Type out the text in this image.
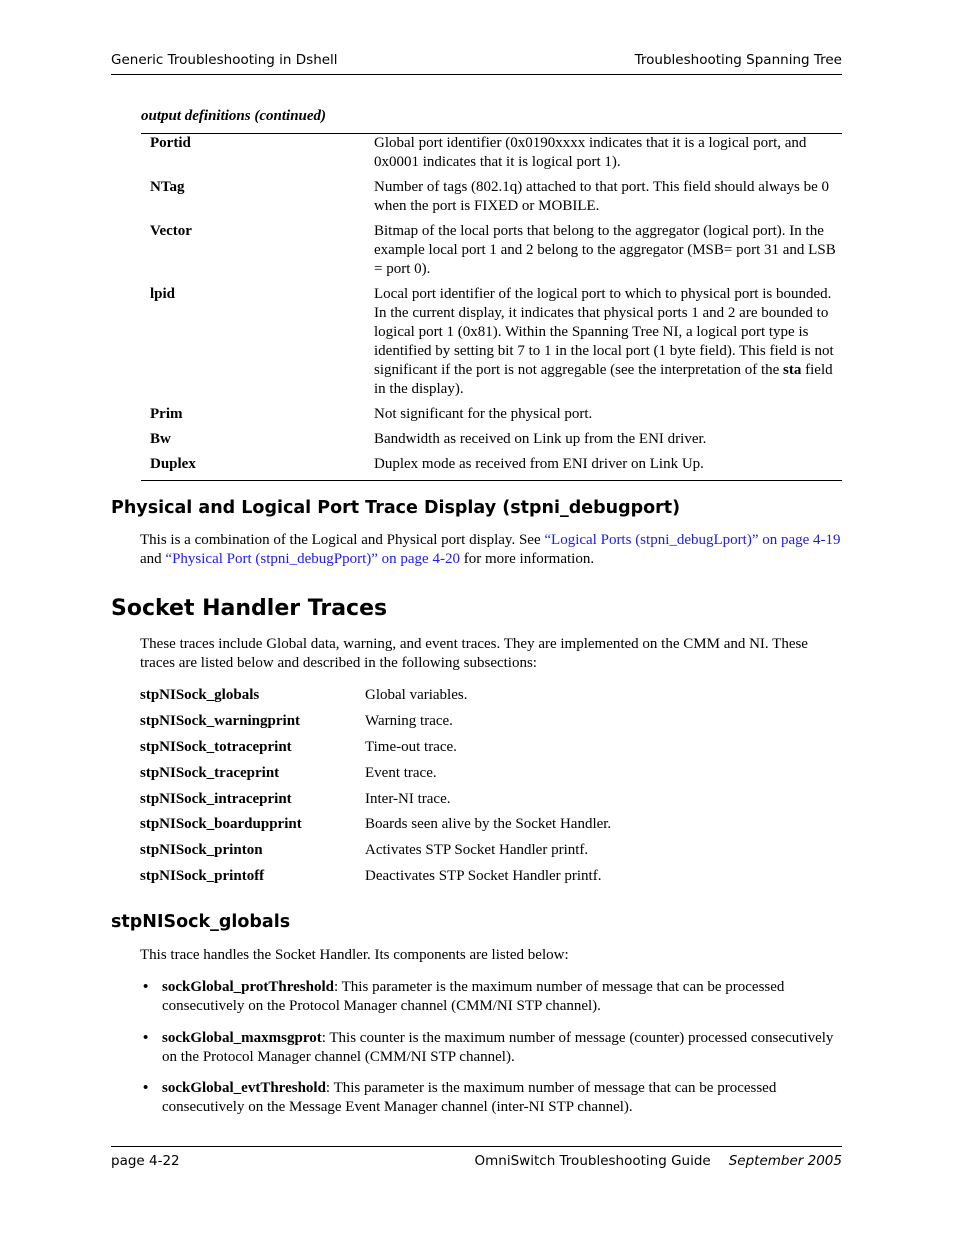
Generic Troubleshooting in Dshell	Troubleshooting Spanning Tree
output definitions (continued)
Portid	Global port identifier (0x0190xxxx indicates that it is a logical port, and 0x0001 indicates that it is logical port 1).
NTag	Number of tags (802.1q) attached to that port. This field should always be 0 when the port is FIXED or MOBILE.
Vector	Bitmap of the local ports that belong to the aggregator (logical port). In the example local port 1 and 2 belong to the aggregator (MSB= port 31 and LSB = port 0).
lpid	Local port identifier of the logical port to which to physical port is bounded. In the current display, it indicates that physical ports 1 and 2 are bounded to logical port 1 (0x81). Within the Spanning Tree NI, a logical port type is identified by setting bit 7 to 1 in the local port (1 byte field). This field is not significant if the port is not aggregable (see the interpretation of the sta field in the display).
Prim	Not significant for the physical port.
Bw	Bandwidth as received on Link up from the ENI driver.
Duplex	Duplex mode as received from ENI driver on Link Up.
Physical and Logical Port Trace Display (stpni_debugport)

This is a combination of the Logical and Physical port display. See “Logical Ports (stpni_debugLport)” on page 4-19 and “Physical Port (stpni_debugPport)” on page 4-20 for more information.

Socket Handler Traces

These traces include Global data, warning, and event traces. They are implemented on the CMM and NI. These traces are listed below and described in the following subsections:

stpNISock_globals	Global variables.
stpNISock_warningprint	Warning trace.
stpNISock_totraceprint	Time-out trace.
stpNISock_traceprint	Event trace.
stpNISock_intraceprint	Inter-NI trace.
stpNISock_boardupprint	Boards seen alive by the Socket Handler.
stpNISock_printon	Activates STP Socket Handler printf.
stpNISock_printoff	Deactivates STP Socket Handler printf.
stpNISock_globals

This trace handles the Socket Handler. Its components are listed below:

• sockGlobal_protThreshold: This parameter is the maximum number of message that can be processed consecutively on the Protocol Manager channel (CMM/NI STP channel).
• sockGlobal_maxmsgprot: This counter is the maximum number of message (counter) processed consecutively on the Protocol Manager channel (CMM/NI STP channel).
• sockGlobal_evtThreshold: This parameter is the maximum number of message that can be processed consecutively on the Message Event Manager channel (inter-NI STP channel).
page 4-22	OmniSwitch Troubleshooting Guide September 2005
